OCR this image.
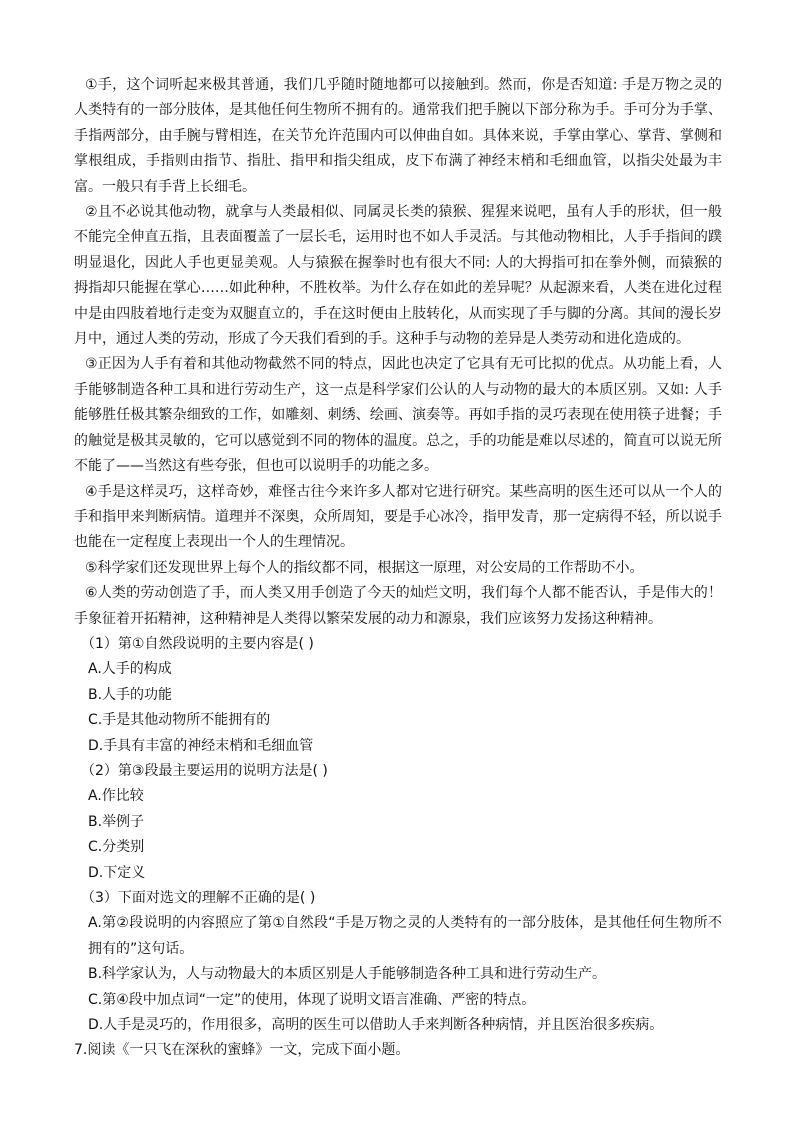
①手，这个词听起来极其普通，我们几乎随时随地都可以接触到。然而，你是否知道: 手是万物之灵的人类特有的一部分肢体，是其他任何生物所不拥有的。通常我们把手腕以下部分称为手。手可分为手掌、手指两部分，由手腕与臂相连，在关节允许范围内可以伸曲自如。具体来说，手掌由掌心、掌背、掌侧和掌根组成，手指则由指节、指肚、指甲和指尖组成，皮下布满了神经末梢和毛细血管，以指尖处最为丰富。一般只有手背上长细毛。

②且不必说其他动物，就拿与人类最相似、同属灵长类的猿猴、猩猩来说吧，虽有人手的形状，但一般不能完全伸直五指，且表面覆盖了一层长毛，运用时也不如人手灵活。与其他动物相比，人手手指间的蹼明显退化，因此人手也更显美观。人与猿猴在握拳时也有很大不同: 人的大拇指可扣在拳外侧，而猿猴的拇指却只能握在掌心……如此种种，不胜枚举。为什么存在如此的差异呢？从起源来看，人类在进化过程中是由四肢着地行走变为双腿直立的，手在这时便由上肢转化，从而实现了手与脚的分离。其间的漫长岁月中，通过人类的劳动，形成了今天我们看到的手。这种手与动物的差异是人类劳动和进化造成的。

③正因为人手有着和其他动物截然不同的特点，因此也决定了它具有无可比拟的优点。从功能上看，人手能够制造各种工具和进行劳动生产，这一点是科学家们公认的人与动物的最大的本质区别。又如: 人手能够胜任极其繁杂细致的工作，如雕刻、刺绣、绘画、演奏等。再如手指的灵巧表现在使用筷子进餐；手的触觉是极其灵敏的，它可以感觉到不同的物体的温度。总之，手的功能是难以尽述的，简直可以说无所不能了——当然这有些夸张，但也可以说明手的功能之多。

④手是这样灵巧，这样奇妙，难怪古往今来许多人都对它进行研究。某些高明的医生还可以从一个人的手和指甲来判断病情。道理并不深奥，众所周知，要是手心冰冷，指甲发青，那一定病得不轻，所以说手也能在一定程度上表现出一个人的生理情况。

⑤科学家们还发现世界上每个人的指纹都不同，根据这一原理，对公安局的工作帮助不小。

⑥人类的劳动创造了手，而人类又用手创造了今天的灿烂文明，我们每个人都不能否认，手是伟大的！手象征着开拓精神，这种精神是人类得以繁荣发展的动力和源泉，我们应该努力发扬这种精神。

（1）第①自然段说明的主要内容是( )

A.人手的构成

B.人手的功能

C.手是其他动物所不能拥有的

D.手具有丰富的神经末梢和毛细血管

（2）第③段最主要运用的说明方法是( )

A.作比较

B.举例子

C.分类别

D.下定义

（3）下面对选文的理解不正确的是( )

A.第②段说明的内容照应了第①自然段“手是万物之灵的人类特有的一部分肢体，是其他任何生物所不拥有的”这句话。

B.科学家认为，人与动物最大的本质区别是人手能够制造各种工具和进行劳动生产。

C.第④段中加点词“一定”的使用，体现了说明文语言准确、严密的特点。

D.人手是灵巧的，作用很多，高明的医生可以借助人手来判断各种病情，并且医治很多疾病。

7.阅读《一只飞在深秋的蜜蜂》一文，完成下面小题。
